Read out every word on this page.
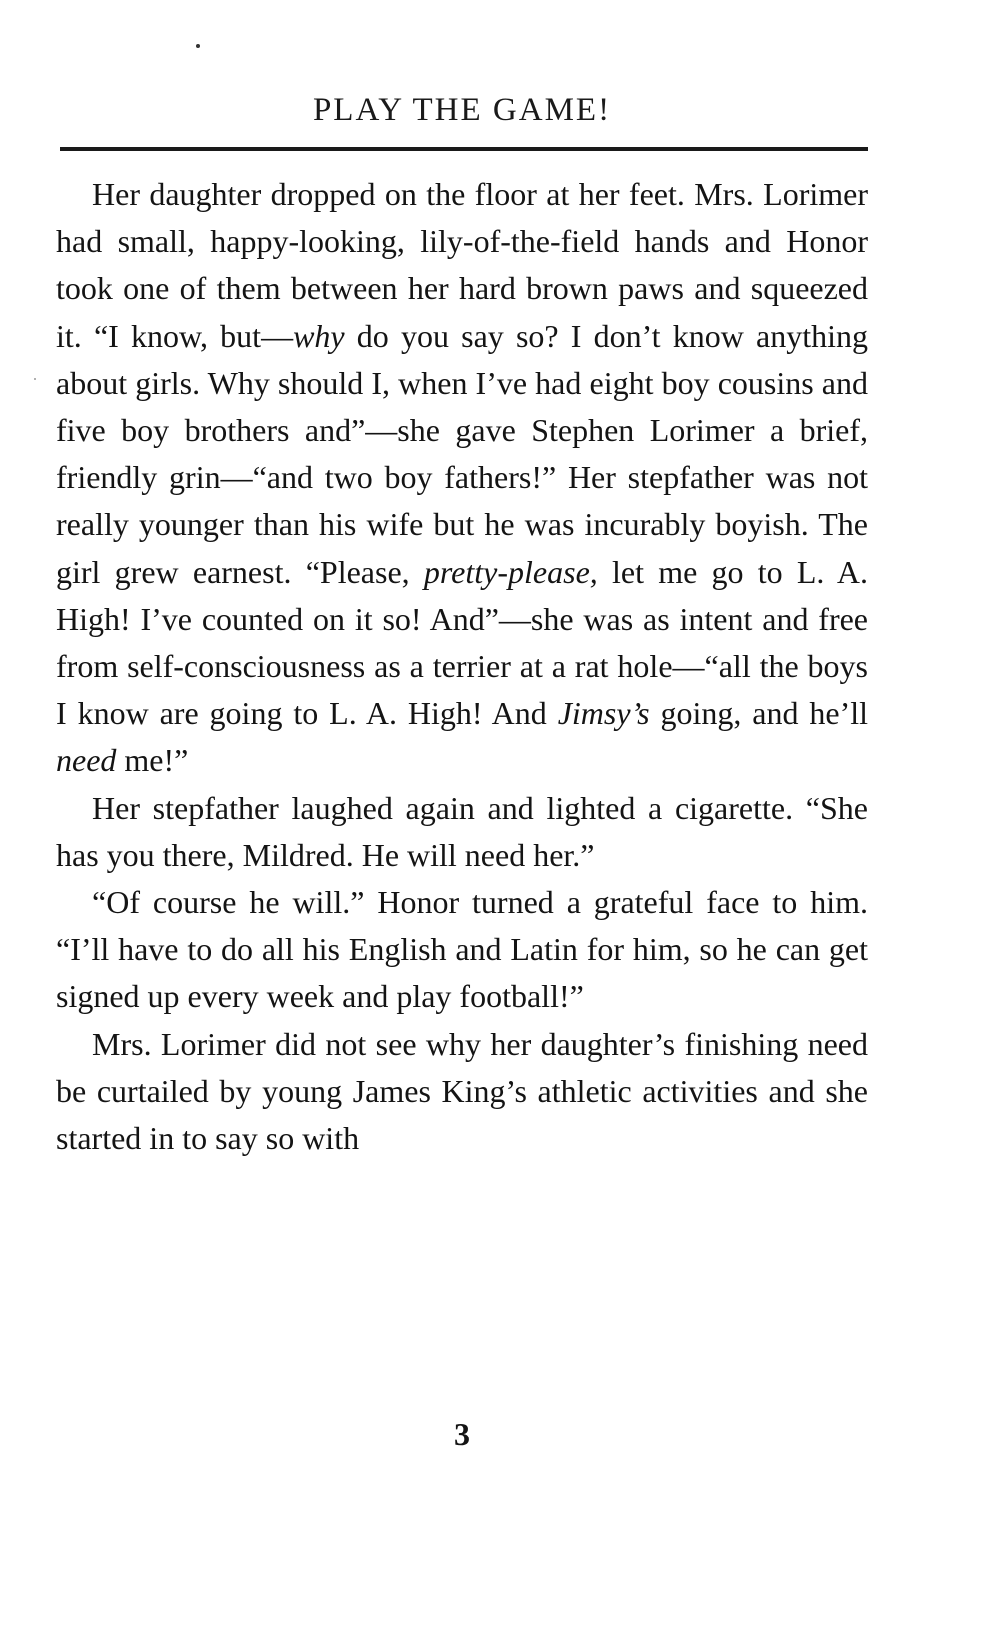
PLAY THE GAME!

Her daughter dropped on the floor at her feet. Mrs. Lorimer had small, happy-looking, lily-of-the-field hands and Honor took one of them between her hard brown paws and squeezed it. “I know, but—why do you say so? I don’t know anything about girls. Why should I, when I’ve had eight boy cousins and five boy brothers and”—she gave Stephen Lorimer a brief, friendly grin—“and two boy fathers!” Her stepfather was not really younger than his wife but he was incurably boyish. The girl grew earnest. “Please, pretty-please, let me go to L. A. High! I’ve counted on it so! And”—she was as intent and free from self-consciousness as a terrier at a rat hole—“all the boys I know are going to L. A. High! And Jimsy’s going, and he’ll need me!”

Her stepfather laughed again and lighted a cigarette. “She has you there, Mildred. He will need her.”

“Of course he will.” Honor turned a grateful face to him. “I’ll have to do all his English and Latin for him, so he can get signed up every week and play football!”

Mrs. Lorimer did not see why her daughter’s finishing need be curtailed by young James King’s athletic activities and she started in to say so with

3
